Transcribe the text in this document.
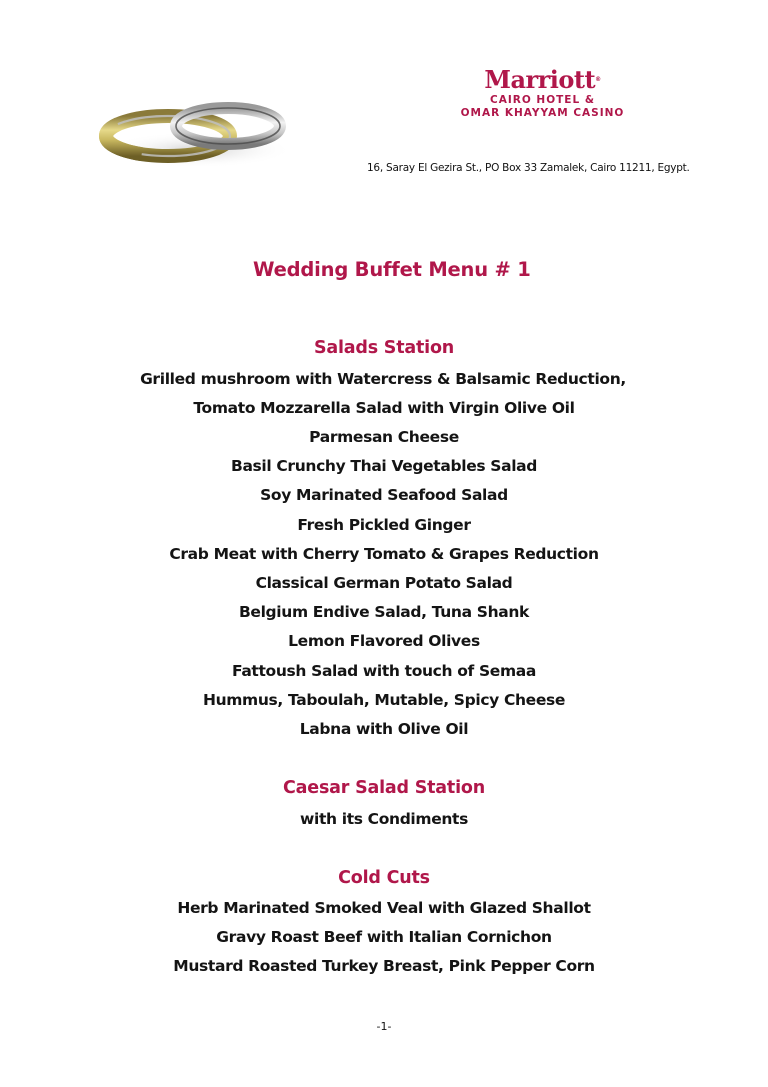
Marriott®
CAIRO HOTEL &
OMAR KHAYYAM CASINO
16, Saray El Gezira St., PO Box 33 Zamalek, Cairo 11211, Egypt.
Wedding Buffet Menu # 1
Salads Station
Grilled mushroom with Watercress & Balsamic Reduction,
Tomato Mozzarella Salad with Virgin Olive Oil
Parmesan Cheese
Basil Crunchy Thai Vegetables Salad
Soy Marinated Seafood Salad
Fresh Pickled Ginger
Crab Meat with Cherry Tomato & Grapes Reduction
Classical German Potato Salad
Belgium Endive Salad, Tuna Shank
Lemon Flavored Olives
Fattoush Salad with touch of Semaa
Hummus, Taboulah, Mutable, Spicy Cheese
Labna with Olive Oil
Caesar Salad Station
with its Condiments
Cold Cuts
Herb Marinated Smoked Veal with Glazed Shallot
Gravy Roast Beef with Italian Cornichon
Mustard Roasted Turkey Breast, Pink Pepper Corn
-1-
